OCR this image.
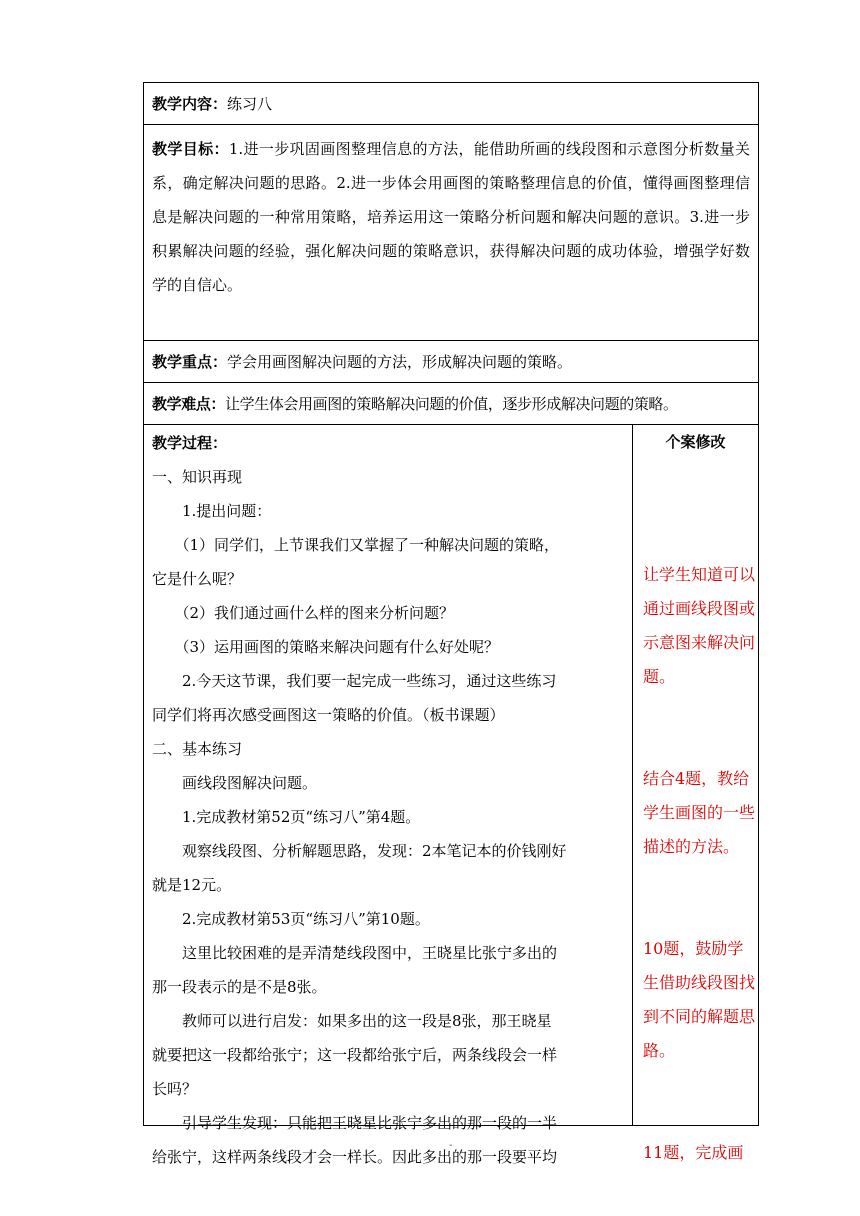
教学内容：练习八
教学目标：1.进一步巩固画图整理信息的方法，能借助所画的线段图和示意图分析数量关系，确定解决问题的思路。2.进一步体会用画图的策略整理信息的价值，懂得画图整理信息是解决问题的一种常用策略，培养运用这一策略分析问题和解决问题的意识。3.进一步积累解决问题的经验，强化解决问题的策略意识，获得解决问题的成功体验，增强学好数学的自信心。
教学重点：学会用画图解决问题的方法，形成解决问题的策略。
教学难点：让学生体会用画图的策略解决问题的价值，逐步形成解决问题的策略。
教学过程：
一、知识再现
　　1.提出问题：
　　（1）同学们，上节课我们又掌握了一种解决问题的策略，
它是什么呢？
　　（2）我们通过画什么样的图来分析问题？
　　（3）运用画图的策略来解决问题有什么好处呢？
　　2.今天这节课，我们要一起完成一些练习，通过这些练习
同学们将再次感受画图这一策略的价值。（板书课题）
二、基本练习
　　画线段图解决问题。
　　1.完成教材第52页“练习八”第4题。
　　观察线段图、分析解题思路，发现：2本笔记本的价钱刚好
就是12元。
　　2.完成教材第53页“练习八”第10题。
　　这里比较困难的是弄清楚线段图中，王晓星比张宁多出的
那一段表示的是不是8张。
　　教师可以进行启发：如果多出的这一段是8张，那王晓星
就要把这一段都给张宁；这一段都给张宁后，两条线段会一样
长吗？
　　引导学生发现：只能把王晓星比张宁多出的那一段的一半
给张宁，这样两条线段才会一样长。因此多出的那一段要平均
个案修改
让学生知道可以通过画线段图或示意图来解决问题。
结合4题，教给学生画图的一些描述的方法。
10题，鼓励学生借助线段图找到不同的解题思路。
11题，完成画
-
